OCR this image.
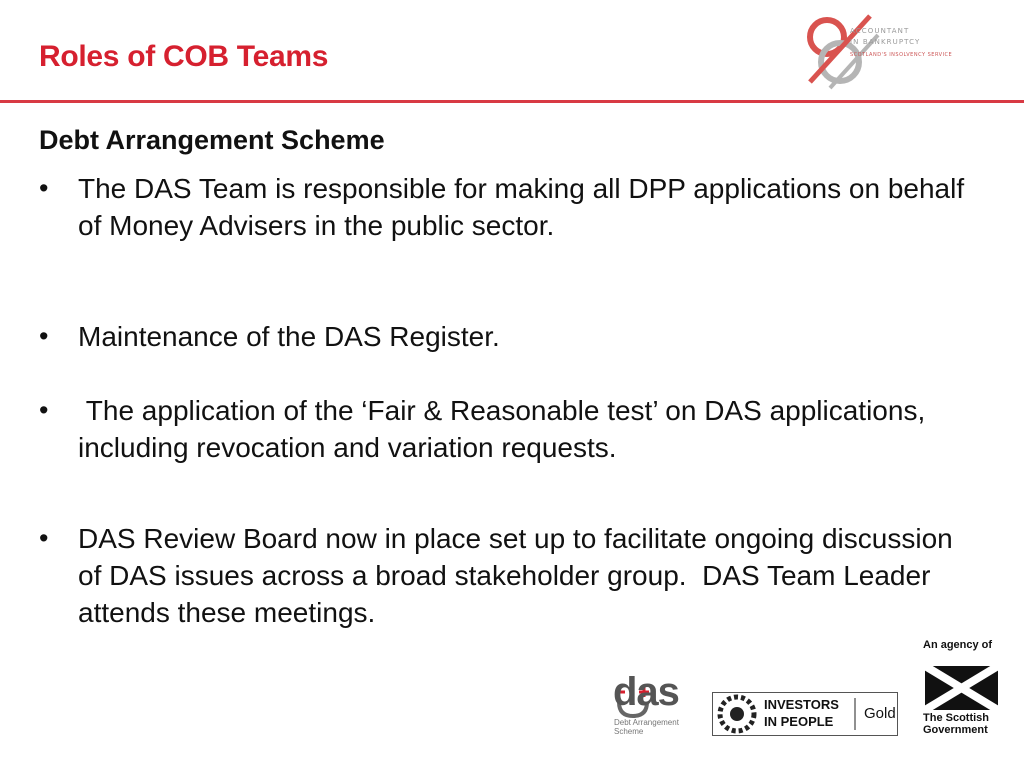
Roles of COB Teams
ACCOUNTANT
IN BANKRUPTCY
SCOTLAND'S INSOLVENCY SERVICE
Debt Arrangement Scheme
•	The DAS Team is responsible for making all DPP applications on behalf of Money Advisers in the public sector.
•	Maintenance of the DAS Register.
•	The application of the ‘Fair & Reasonable test’ on DAS applications, including revocation and variation requests.
•	DAS Review Board now in place set up to facilitate ongoing discussion of DAS issues across a broad stakeholder group.  DAS Team Leader attends these meetings.
das
Debt Arrangement
Scheme
INVESTORS
IN PEOPLE Gold
An agency of
The Scottish
Government
